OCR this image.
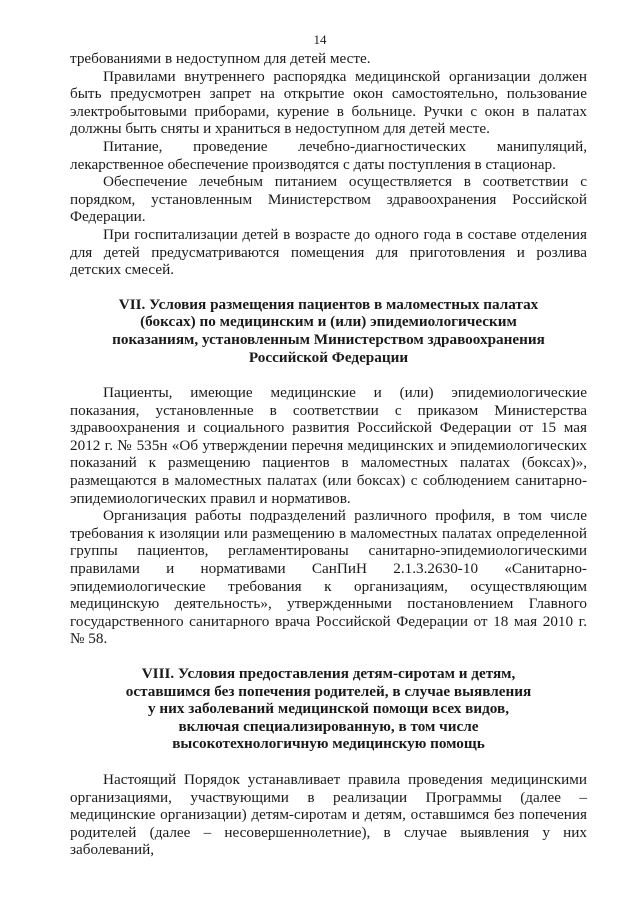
14

требованиями в недоступном для детей месте.

Правилами внутреннего распорядка медицинской организации должен быть предусмотрен запрет на открытие окон самостоятельно, пользование электробытовыми приборами, курение в больнице. Ручки с окон в палатах должны быть сняты и храниться в недоступном для детей месте.

Питание, проведение лечебно-диагностических манипуляций, лекарственное обеспечение производятся с даты поступления в стационар.

Обеспечение лечебным питанием осуществляется в соответствии с порядком, установленным Министерством здравоохранения Российской Федерации.

При госпитализации детей в возрасте до одного года в составе отделения для детей предусматриваются помещения для приготовления и розлива детских смесей.

VII. Условия размещения пациентов в маломестных палатах

(боксах) по медицинским и (или) эпидемиологическим

показаниям, установленным Министерством здравоохранения

Российской Федерации

Пациенты, имеющие медицинские и (или) эпидемиологические показания, установленные в соответствии с приказом Министерства здравоохранения и социального развития Российской Федерации от 15 мая 2012 г. № 535н «Об утверждении перечня медицинских и эпидемиологических показаний к размещению пациентов в маломестных палатах (боксах)», размещаются в маломестных палатах (или боксах) с соблюдением санитарно-эпидемиологических правил и нормативов.

Организация работы подразделений различного профиля, в том числе требования к изоляции или размещению в маломестных палатах определенной группы пациентов, регламентированы санитарно-эпидемиологическими правилами и нормативами СанПиН 2.1.3.2630-10 «Санитарно-эпидемиологические требования к организациям, осуществляющим медицинскую деятельность», утвержденными постановлением Главного государственного санитарного врача Российской Федерации от 18 мая 2010 г. № 58.

VIII. Условия предоставления детям-сиротам и детям,

оставшимся без попечения родителей, в случае выявления

у них заболеваний медицинской помощи всех видов,

включая специализированную, в том числе

высокотехнологичную медицинскую помощь

Настоящий Порядок устанавливает правила проведения медицинскими организациями, участвующими в реализации Программы (далее – медицинские организации) детям-сиротам и детям, оставшимся без попечения родителей (далее – несовершеннолетние), в случае выявления у них заболеваний,
